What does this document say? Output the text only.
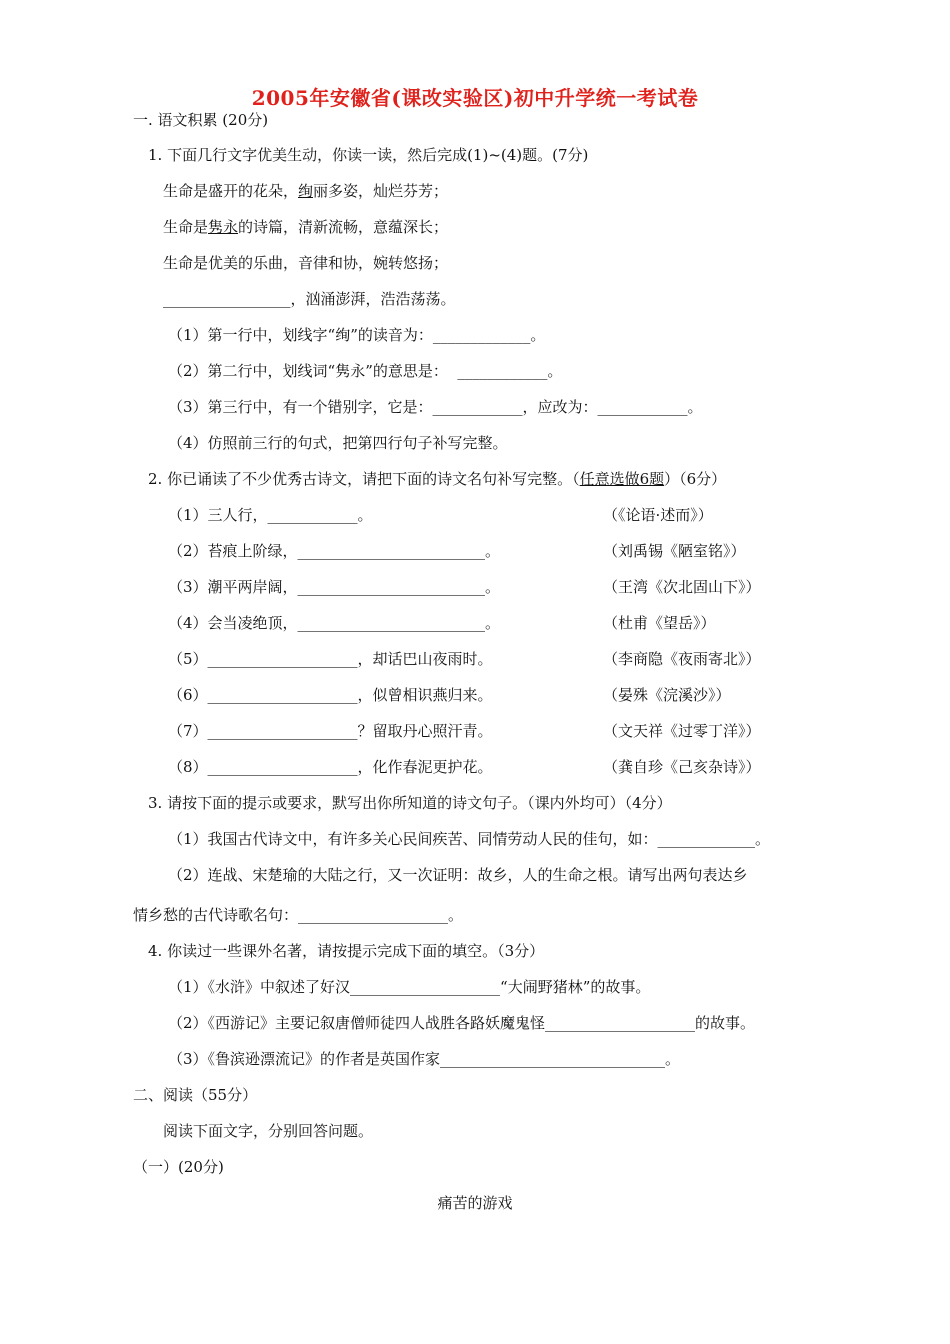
2005年安徽省(课改实验区)初中升学统一考试卷
一. 语文积累 (20分)
1. 下面几行文字优美生动，你读一读，然后完成(1)~(4)题。(7分)
生命是盛开的花朵，绚丽多姿，灿烂芬芳；
生命是隽永的诗篇，清新流畅，意蕴深长；
生命是优美的乐曲，音律和协，婉转悠扬；
_________________，汹涌澎湃，浩浩荡荡。
（1）第一行中，划线字“绚”的读音为：_____________。
（2）第二行中，划线词“隽永”的意思是：  ____________。
（3）第三行中，有一个错别字，它是：____________，应改为：____________。
（4）仿照前三行的句式，把第四行句子补写完整。
2. 你已诵读了不少优秀古诗文，请把下面的诗文名句补写完整。（任意选做6题）（6分）
（1）三人行，____________。	（《论语·述而》）
（2）苔痕上阶绿，_________________________。	（刘禹锡《陋室铭》）
（3）潮平两岸阔，_________________________。	（王湾《次北固山下》）
（4）会当凌绝顶，_________________________。	（杜甫《望岳》）
（5）____________________，却话巴山夜雨时。	（李商隐《夜雨寄北》）
（6）____________________，似曾相识燕归来。	（晏殊《浣溪沙》）
（7）____________________？留取丹心照汗青。	（文天祥《过零丁洋》）
（8）____________________，化作春泥更护花。	（龚自珍《己亥杂诗》）
3. 请按下面的提示或要求，默写出你所知道的诗文句子。（课内外均可）（4分）
（1）我国古代诗文中，有许多关心民间疾苦、同情劳动人民的佳句，如：_____________。
（2）连战、宋楚瑜的大陆之行，又一次证明：故乡，人的生命之根。请写出两句表达乡
情乡愁的古代诗歌名句：____________________。
4. 你读过一些课外名著，请按提示完成下面的填空。（3分）
（1）《水浒》中叙述了好汉____________________“大闹野猪林”的故事。
（2）《西游记》主要记叙唐僧师徒四人战胜各路妖魔鬼怪____________________的故事。
（3）《鲁滨逊漂流记》的作者是英国作家______________________________。
二、阅读（55分）
阅读下面文字，分别回答问题。
（一）(20分)
痛苦的游戏
